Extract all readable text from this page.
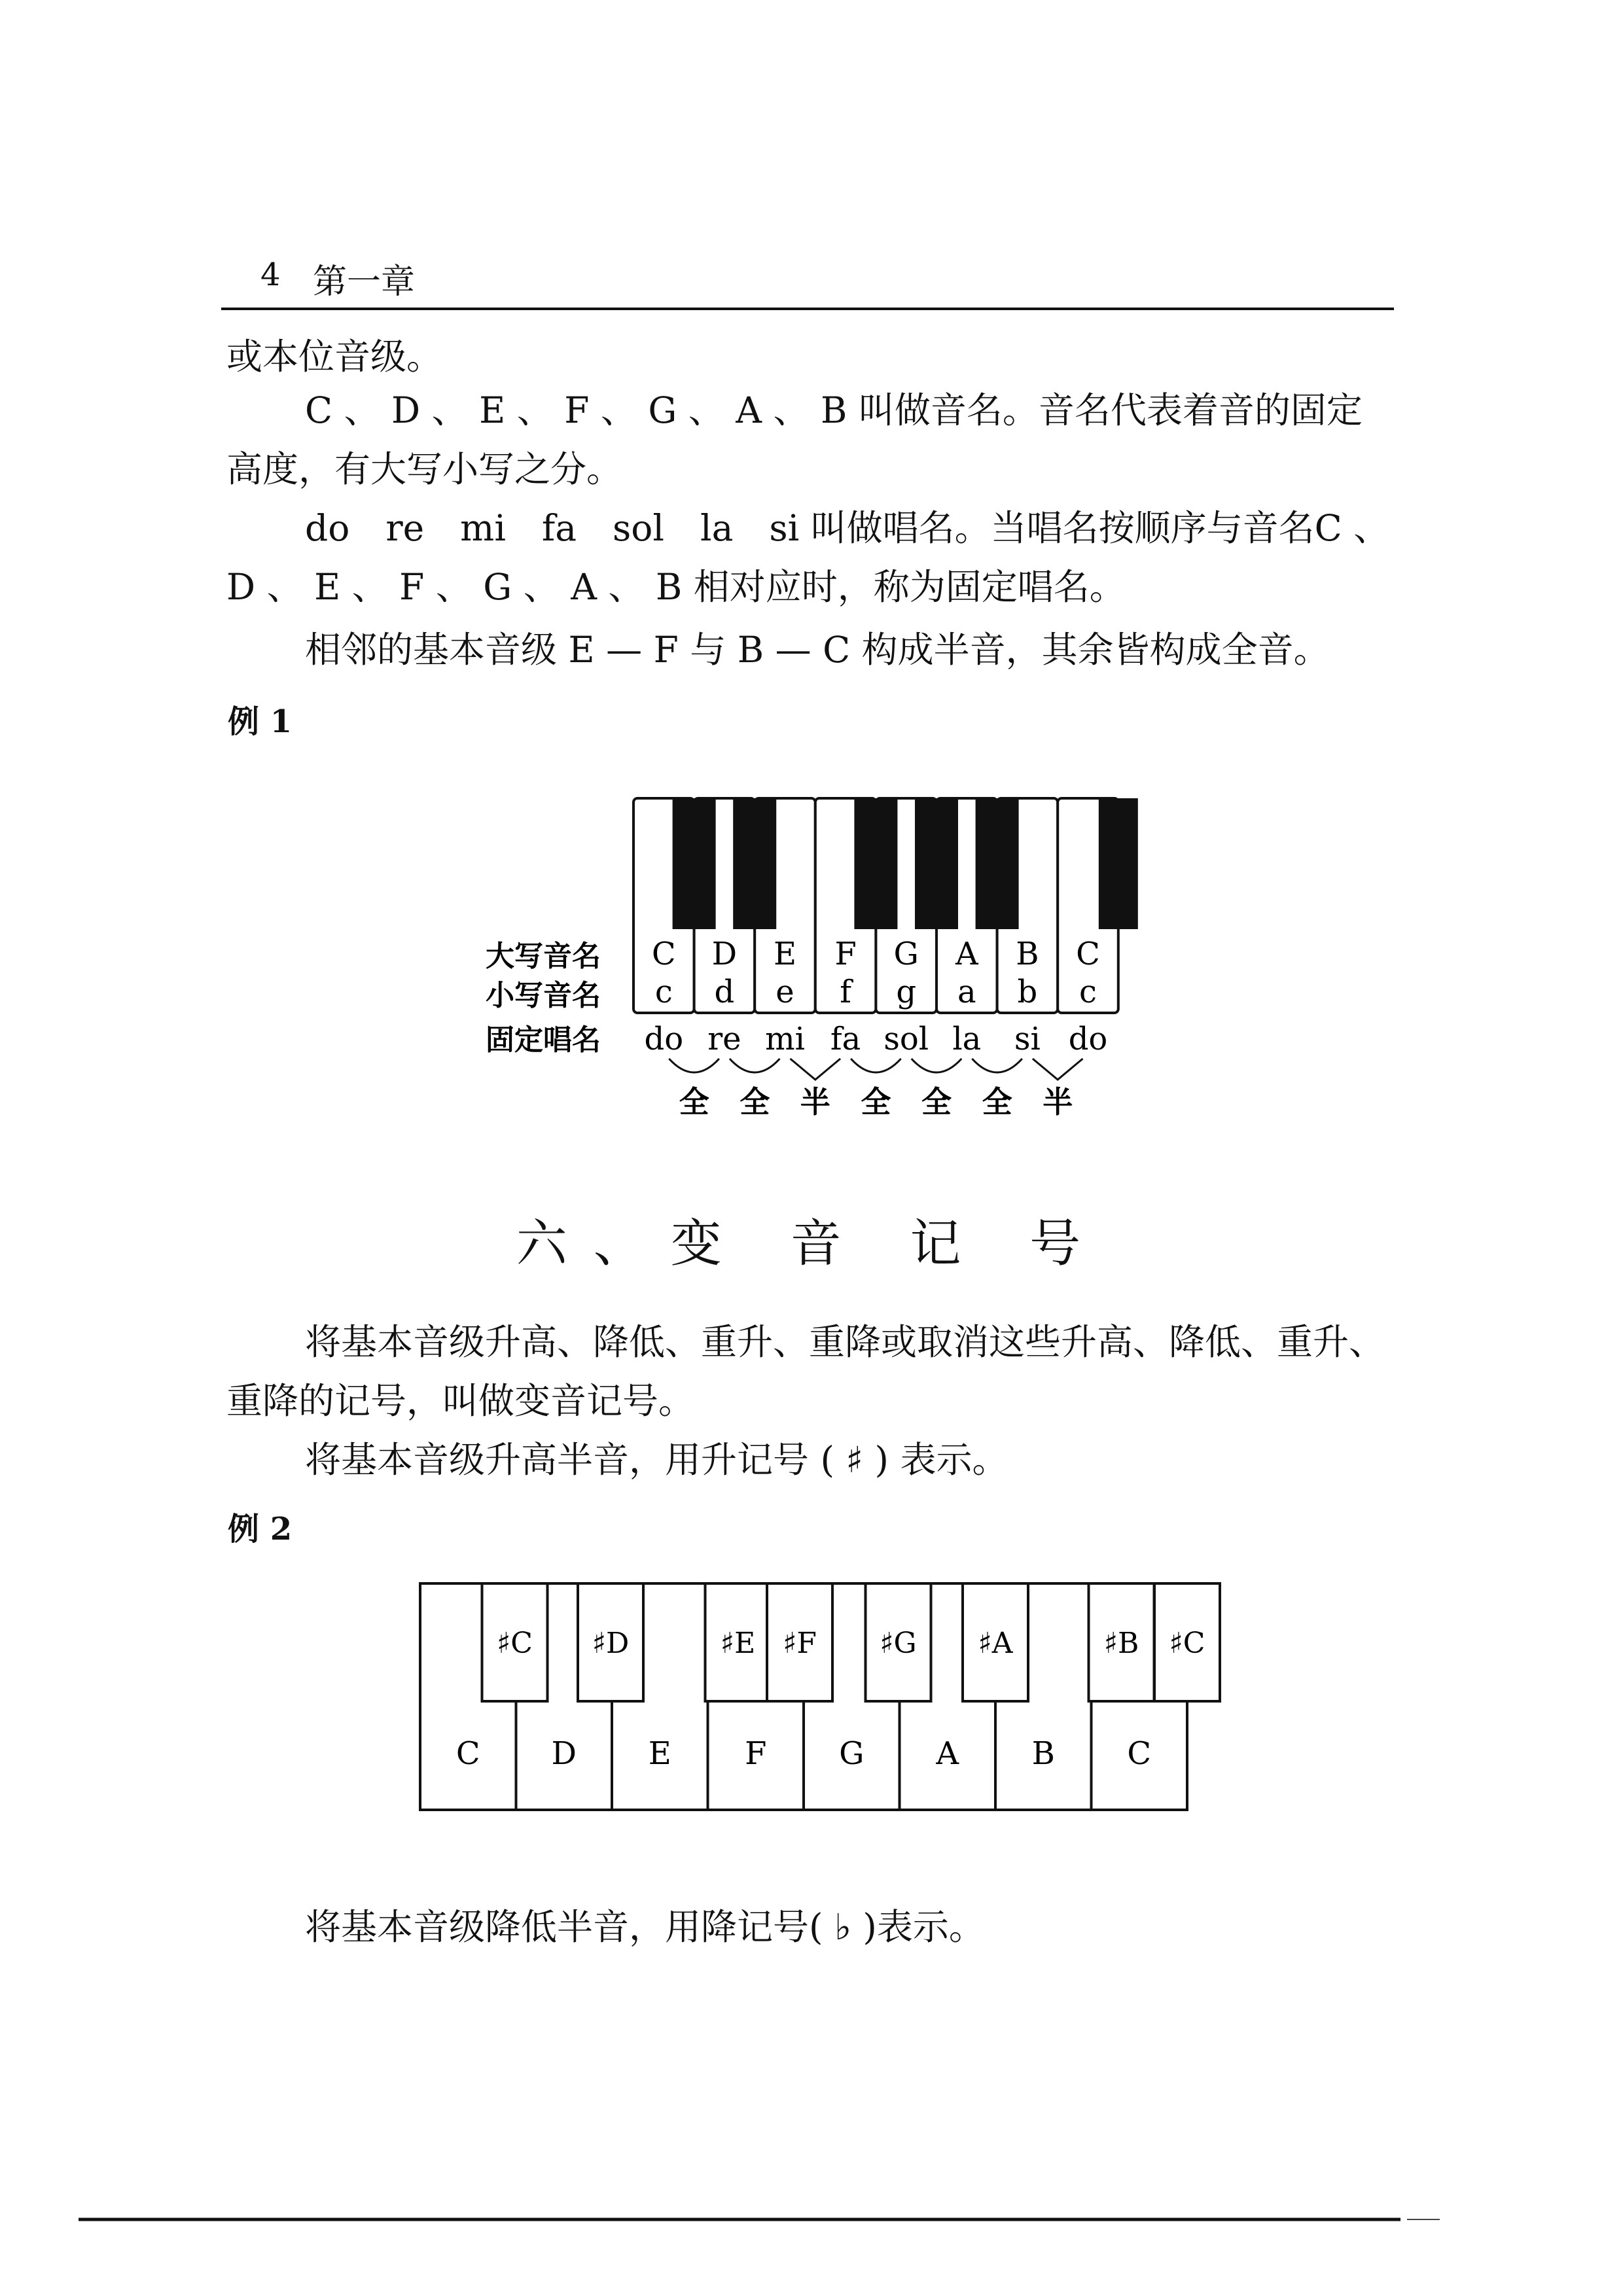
4 第一章
或本位音级。
C 、 D 、 E 、 F 、 G 、 A 、 B 叫做音名。音名代表着音的固定高度，有大写小写之分。
do　re　mi　fa　sol　la　si 叫做唱名。当唱名按顺序与音名C 、 D 、 E 、 F 、 G 、 A 、 B 相对应时，称为固定唱名。
相邻的基本音级 E — F 与 B — C 构成半音，其余皆构成全音。
例 1
大写音名
小写音名
固定唱名
C D E F G A B C
c d e f g a b c
do re mi fa sol la si do
全 全 半 全 全 全 半
六、变 音 记 号
将基本音级升高、降低、重升、重降或取消这些升高、降低、重升、重降的记号，叫做变音记号。
将基本音级升高半音，用升记号 ( ♯ ) 表示。
例 2
C D E F G A B C
♯C ♯D	♯E ♯F ♯G ♯A	♯B ♯C
将基本音级降低半音，用降记号( ♭ )表示。
